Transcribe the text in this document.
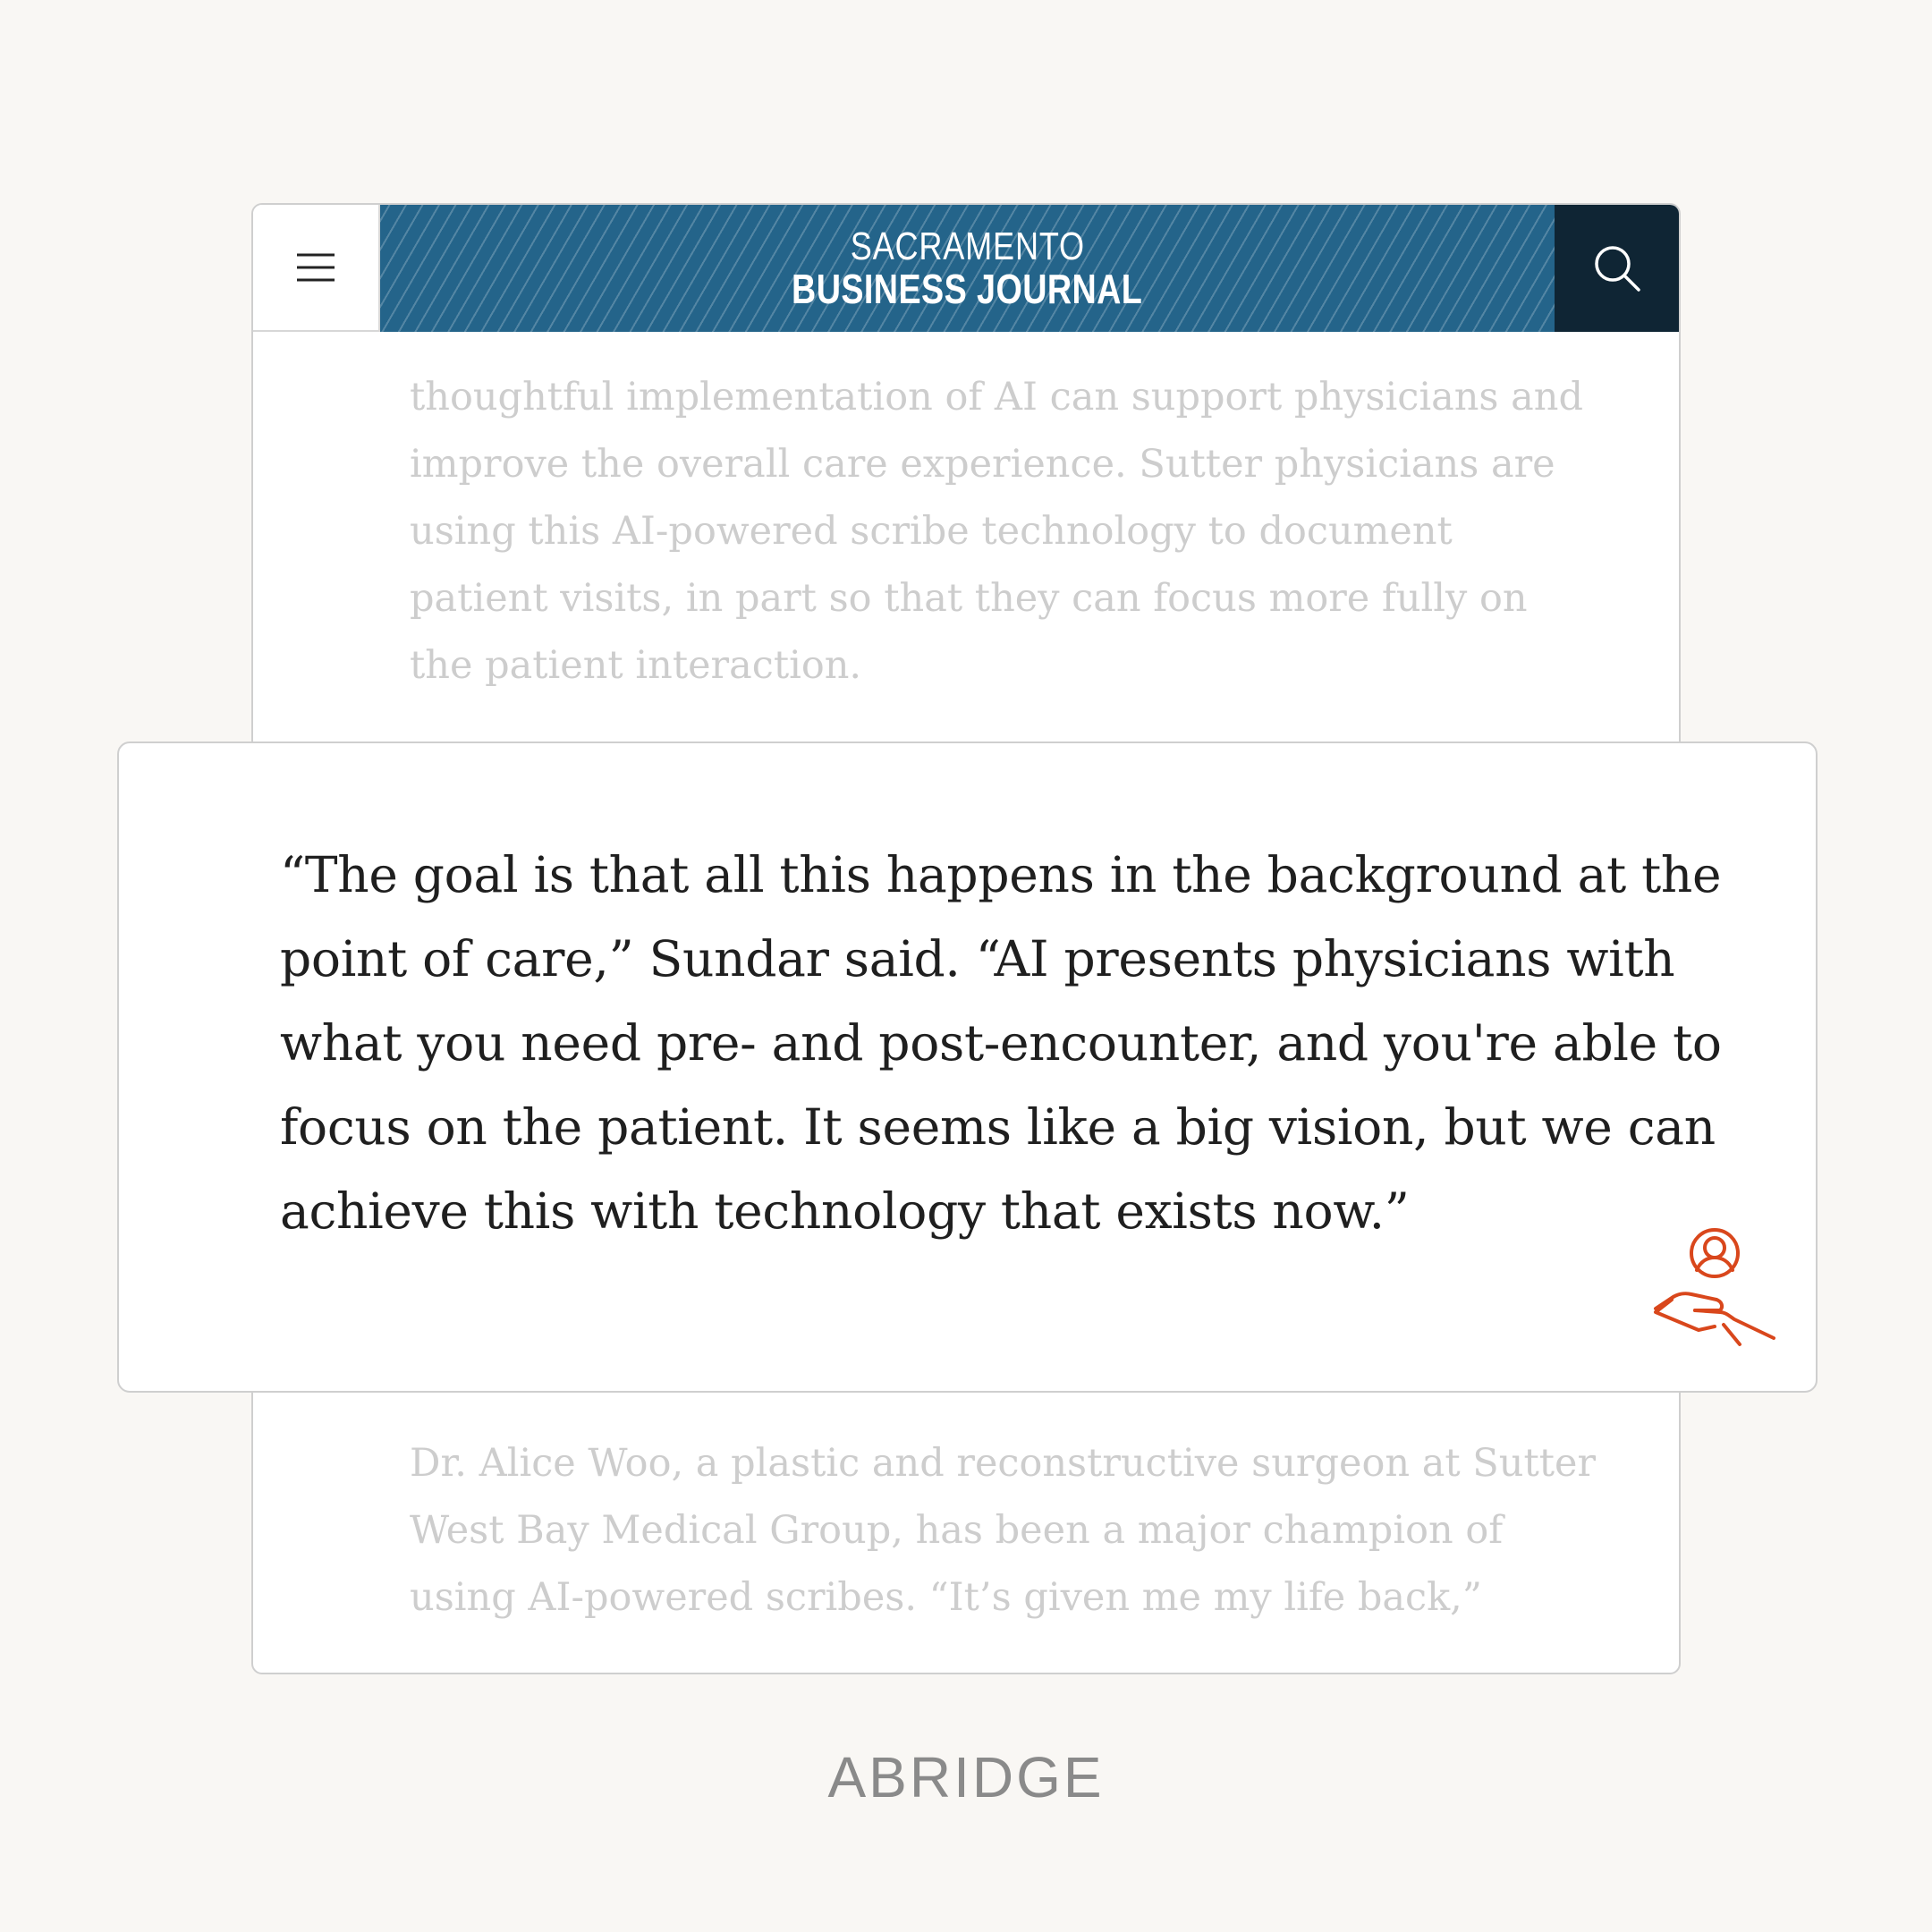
SACRAMENTO
BUSINESS JOURNAL

thoughtful implementation of AI can support physicians and improve the overall care experience. Sutter physicians are using this AI-powered scribe technology to document patient visits, in part so that they can focus more fully on the patient interaction.

Dr. Alice Woo, a plastic and reconstructive surgeon at Sutter West Bay Medical Group, has been a major champion of using AI-powered scribes. “It’s given me my life back,”

“The goal is that all this happens in the background at the point of care,” Sundar said. “AI presents physicians with what you need pre- and post-encounter, and you're able to focus on the patient. It seems like a big vision, but we can achieve this with technology that exists now.”

ABRIDGE
